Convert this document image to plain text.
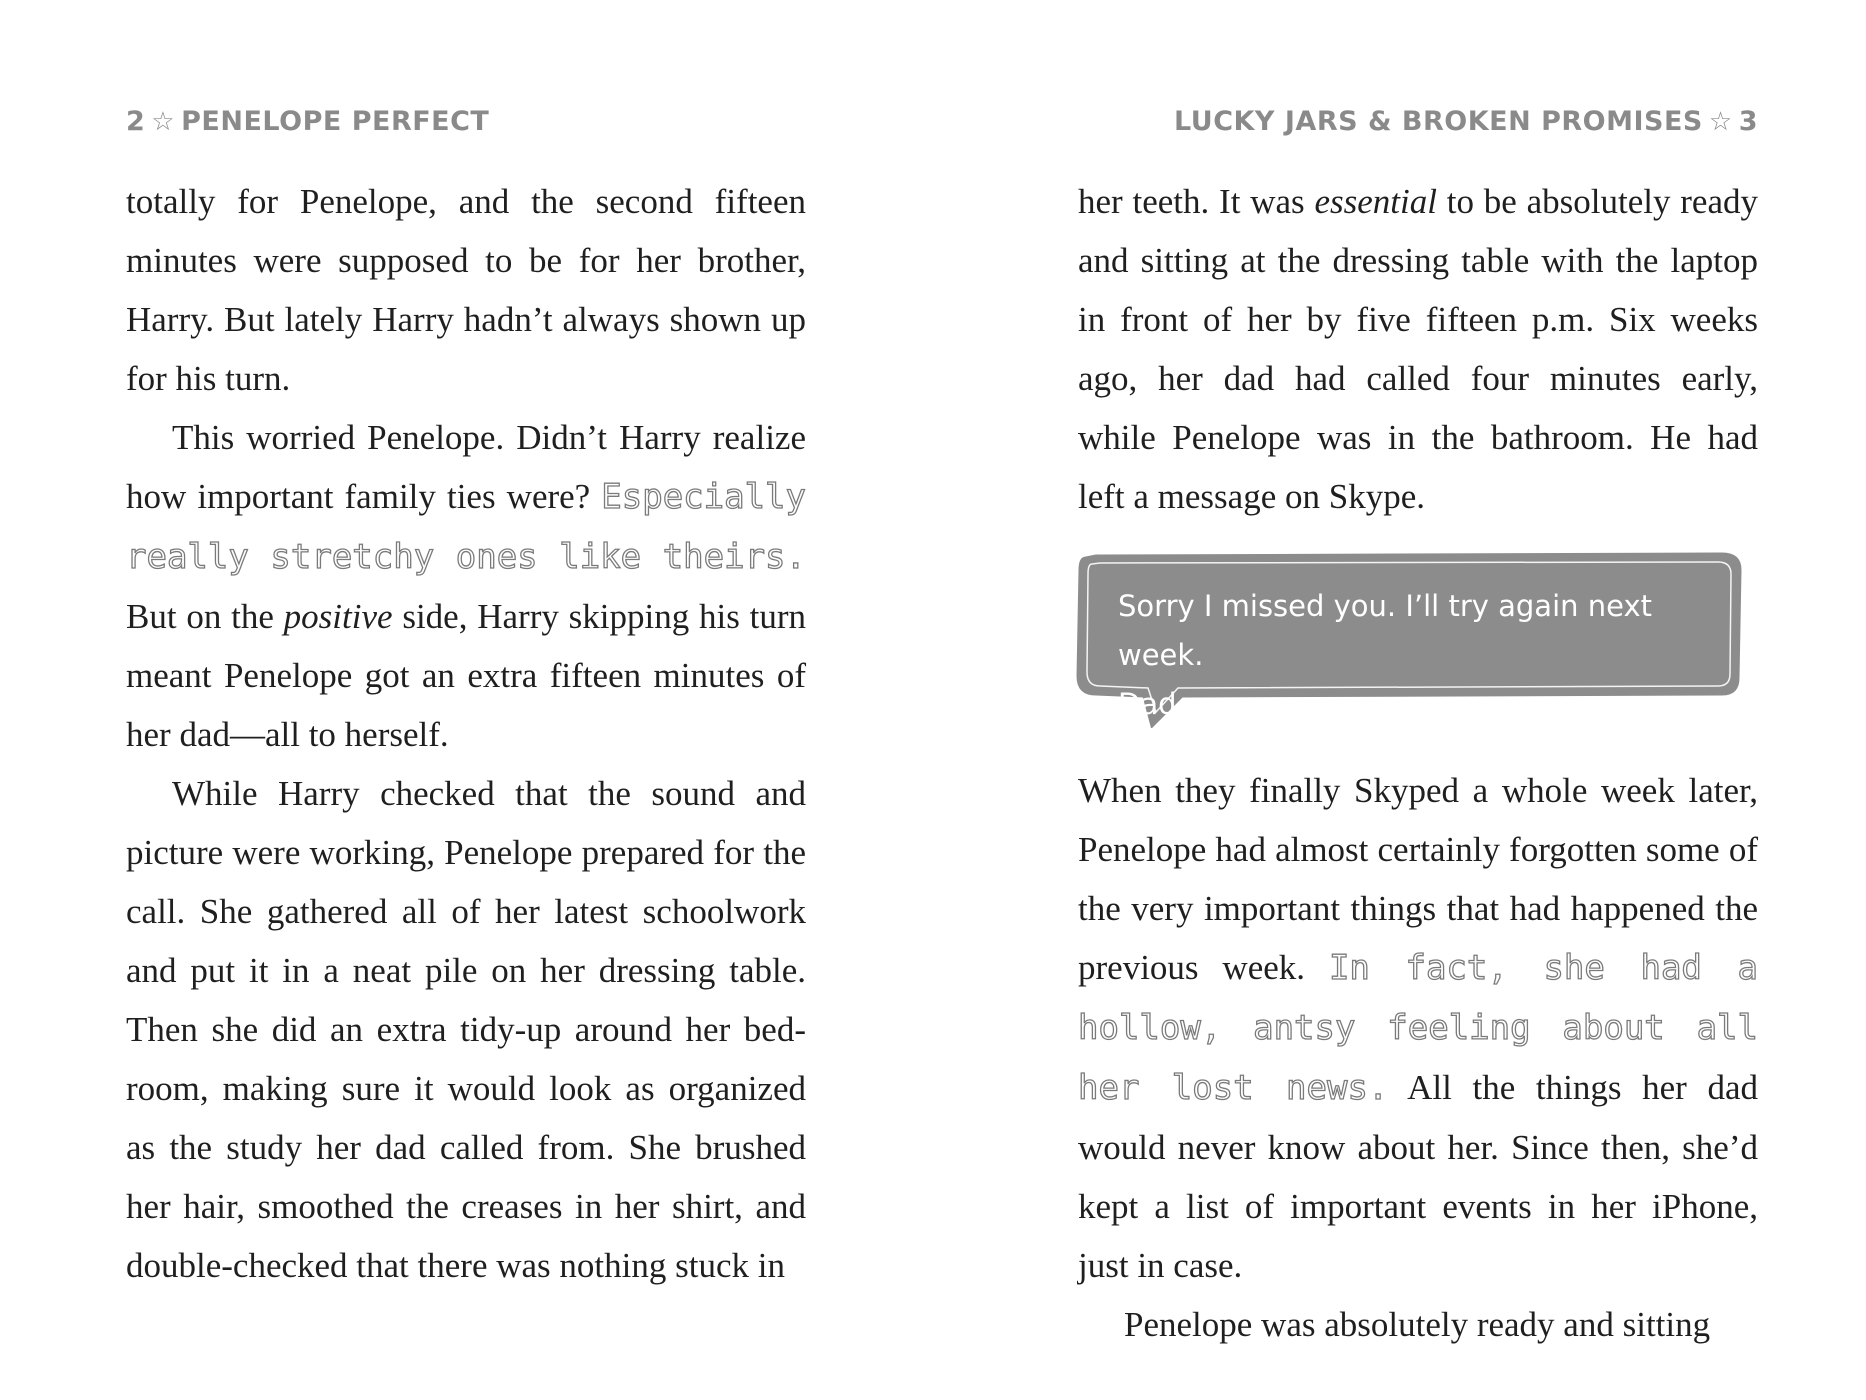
2 ☆ PENELOPE PERFECT

totally for Penelope, and the second fifteen minutes were supposed to be for her brother, Harry. But lately Harry hadn’t always shown up for his turn.

This worried Penelope. Didn’t Harry realize how important family ties were? Especially really stretchy ones like theirs. But on the positive side, Harry skipping his turn meant Penelope got an extra fifteen minutes of her dad—all to herself.

While Harry checked that the sound and picture were working, Penelope prepared for the call. She gathered all of her latest schoolwork and put it in a neat pile on her dressing table. Then she did an extra tidy-up around her bed-room, making sure it would look as organized as the study her dad called from. She brushed her hair, smoothed the creases in her shirt, and double-checked that there was nothing stuck in

LUCKY JARS & BROKEN PROMISES ☆ 3

her teeth. It was essential to be absolutely ready and sitting at the dressing table with the laptop in front of her by five fifteen p.m. Six weeks ago, her dad had called four minutes early, while Penelope was in the bathroom. He had left a message on Skype.

Sorry I missed you. I’ll try again next week.
Dad x

When they finally Skyped a whole week later, Penelope had almost certainly forgotten some of the very important things that had happened the previous week. In fact, she had a hollow, antsy feeling about all her lost news. All the things her dad would never know about her. Since then, she’d kept a list of important events in her iPhone, just in case.

Penelope was absolutely ready and sitting
